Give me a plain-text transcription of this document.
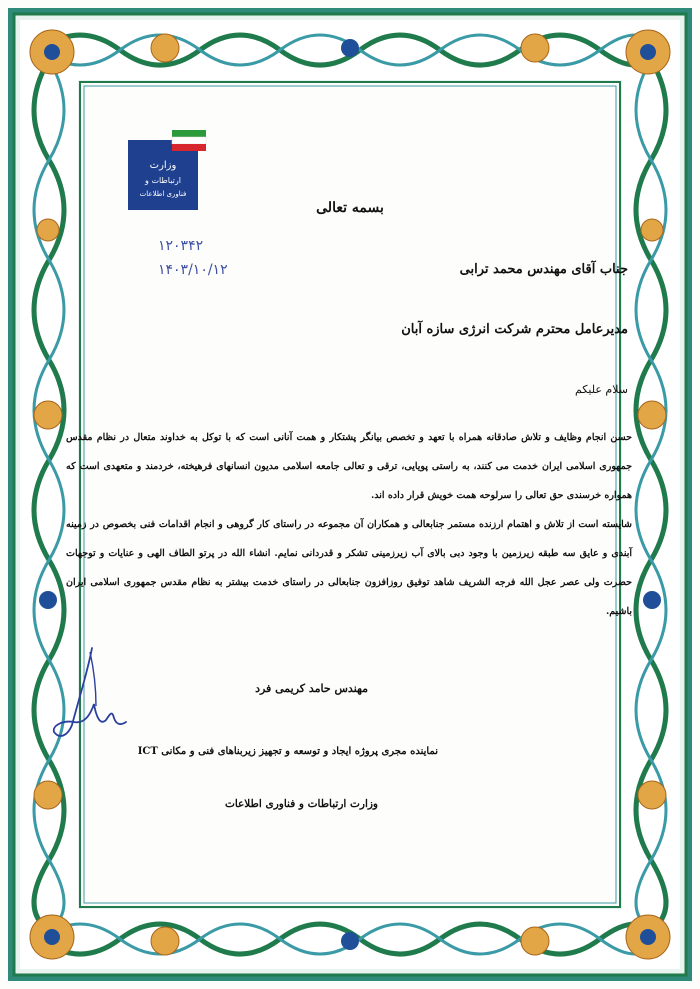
وزارت
ارتباطات و
فناوری اطلاعات
بسمه تعالی
۱۲۰۳۴۲
۱۴۰۳/۱۰/۱۲	جناب آقای مهندس محمد ترابی
مدیرعامل محترم شرکت انرژی سازه آبان
سلام علیکم
حسن انجام وظایف و تلاش صادقانه همراه با تعهد و تخصص بیانگر پشتکار و همت آنانی است که با توکل به خداوند متعال در نظام مقدس جمهوری اسلامی ایران خدمت می کنند، به راستی پویایی، ترقی و تعالی جامعه اسلامی مدیون انسانهای فرهیخته، خردمند و متعهدی است که همواره خرسندی حق تعالی را سرلوحه همت خویش قرار داده اند.
شایسته است از تلاش و اهتمام ارزنده مستمر جنابعالی و همکاران آن مجموعه در راستای کار گروهی و انجام اقدامات فنی بخصوص در زمینه آبندی و عایق سه طبقه زیرزمین با وجود دبی بالای آب زیرزمینی تشکر و قدردانی نمایم. انشاء الله در پرتو الطاف الهی و عنایات و توجهات حضرت ولی عصر عجل الله فرجه الشریف شاهد توفیق روزافزون جنابعالی در راستای خدمت بیشتر به نظام مقدس جمهوری اسلامی ایران باشیم.
مهندس حامد کریمی فرد
نماینده مجری پروژه ایجاد و توسعه و تجهیز زیربناهای فنی و مکانی ICT
وزارت ارتباطات و فناوری اطلاعات
